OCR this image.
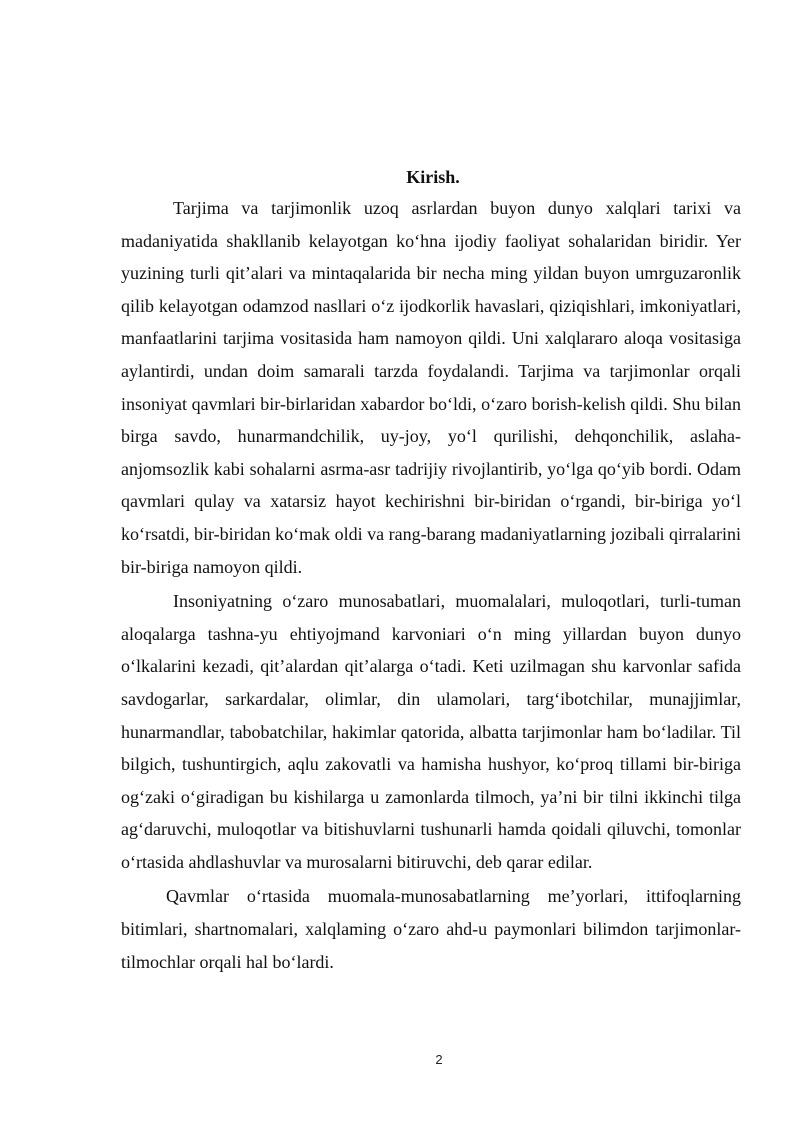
Kirish.

Tarjima va tarjimonlik uzoq asrlardan buyon dunyo xalqlari tarixi va madaniyatida shakllanib kelayotgan ko‘hna ijodiy faoliyat sohalaridan biridir. Yer yuzining turli qit’alari va mintaqalarida bir necha ming yildan buyon umrguzaronlik qilib kelayotgan odamzod nasllari o‘z ijodkorlik havaslari, qiziqishlari, imkoniyatlari, manfaatlarini tarjima vositasida ham namoyon qildi. Uni xalqlararo aloqa vositasiga aylantirdi, undan doim samarali tarzda foydalandi. Tarjima va tarjimonlar orqali insoniyat qavmlari bir-birlaridan xabardor bo‘ldi, o‘zaro borish-kelish qildi. Shu bilan birga savdo, hunarmandchilik, uy-joy, yo‘l qurilishi, dehqonchilik, aslaha-anjomsozlik kabi sohalarni asrma-asr tadrijiy rivojlantirib, yo‘lga qo‘yib bordi. Odam qavmlari qulay va xatarsiz hayot kechirishni bir-biridan o‘rgandi, bir-biriga yo‘l ko‘rsatdi, bir-biridan ko‘mak oldi va rang-barang madaniyatlarning jozibali qirralarini bir-biriga namoyon qildi.

Insoniyatning o‘zaro munosabatlari, muomalalari, muloqotlari, turli-tuman aloqalarga tashna-yu ehtiyojmand karvoniari o‘n ming yillardan buyon dunyo o‘lkalarini kezadi, qit’alardan qit’alarga o‘tadi. Keti uzilmagan shu karvonlar safida savdogarlar, sarkardalar, olimlar, din ulamolari, targ‘ibotchilar, munajjimlar, hunarmandlar, tabobatchilar, hakimlar qatorida, albatta tarjimonlar ham bo‘ladilar. Til bilgich, tushuntirgich, aqlu zakovatli va hamisha hushyor, ko‘proq tillami bir-biriga og‘zaki o‘giradigan bu kishilarga u zamonlarda tilmoch, ya’ni bir tilni ikkinchi tilga ag‘daruvchi, muloqotlar va bitishuvlarni tushunarli hamda qoidali qiluvchi, tomonlar o‘rtasida ahdlashuvlar va murosalarni bitiruvchi, deb qarar edilar.

Qavmlar o‘rtasida muomala-munosabatlarning me’yorlari, ittifoqlarning bitimlari, shartnomalari, xalqlaming o‘zaro ahd-u paymonlari bilimdon tarjimonlar-tilmochlar orqali hal bo‘lardi.

2
